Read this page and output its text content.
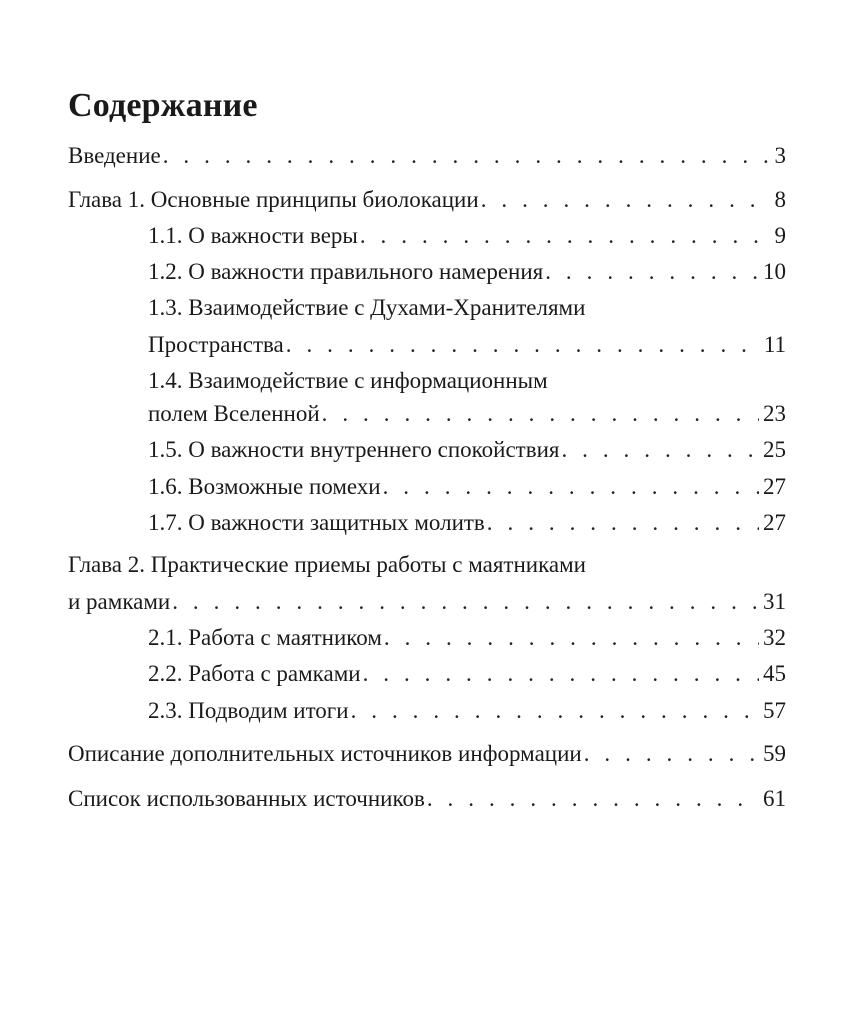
Содержание
Введение . . .	3
Глава 1. Основные принципы биолокации . . .	8
1.1. О важности веры . . .	9
1.2. О важности правильного намерения . . .	10
1.3. Взаимодействие с Духами-Хранителями
Пространства . . .	11
1.4. Взаимодействие с информационным
полем Вселенной . . .	23
1.5. О важности внутреннего спокойствия . . .	25
1.6. Возможные помехи . . .	27
1.7. О важности защитных молитв . . .	27
Глава 2. Практические приемы работы с маятниками
и рамками . . .	31
2.1. Работа с маятником . . .	32
2.2. Работа с рамками . . .	45
2.3. Подводим итоги . . .	57
Описание дополнительных источников информации . . .	59
Список использованных источников . . .	61
